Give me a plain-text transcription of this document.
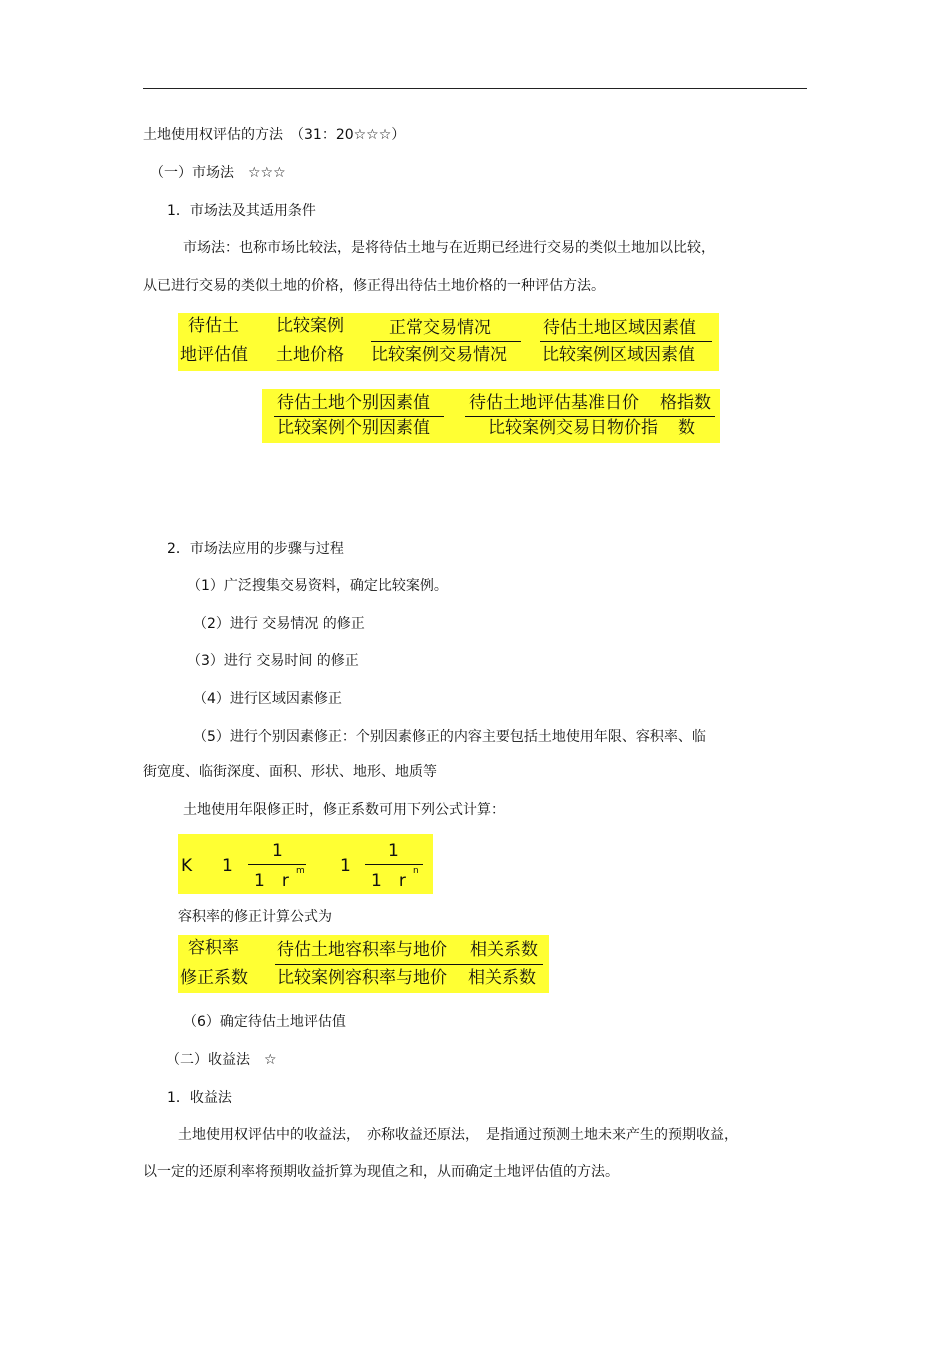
土地使用权评估的方法　（31：20☆☆☆）
（一）市场法　☆☆☆
1．市场法及其适用条件
市场法：也称市场比较法，是将待估土地与在近期已经进行交易的类似土地加以比较，
从已进行交易的类似土地的价格，修正得出待估土地价格的一种评估方法。
待估土
地评估值
比较案例
土地价格
正常交易情况
比较案例交易情况
待估土地区域因素值
比较案例区域因素值
待估土地个别因素值
比较案例个别因素值
待估土地评估基准日价
比较案例交易日物价指
格指数
数
2．市场法应用的步骤与过程
（1）广泛搜集交易资料，确定比较案例。
（2）进行 交易情况 的修正
（3）进行 交易时间 的修正
（4）进行区域因素修正
（5）进行个别因素修正：个别因素修正的内容主要包括土地使用年限、容积率、临
街宽度、临街深度、面积、形状、地形、地质等
土地使用年限修正时，修正系数可用下列公式计算：
K 1
1
1　r m 1
1
1　r n
容积率的修正计算公式为
容积率
修正系数
待估土地容积率与地价 相关系数
比较案例容积率与地价 相关系数
（6）确定待估土地评估值
（二）收益法　☆
1．收益法
土地使用权评估中的收益法，　亦称收益还原法，　是指通过预测土地未来产生的预期收益，
以一定的还原利率将预期收益折算为现值之和，从而确定土地评估值的方法。
